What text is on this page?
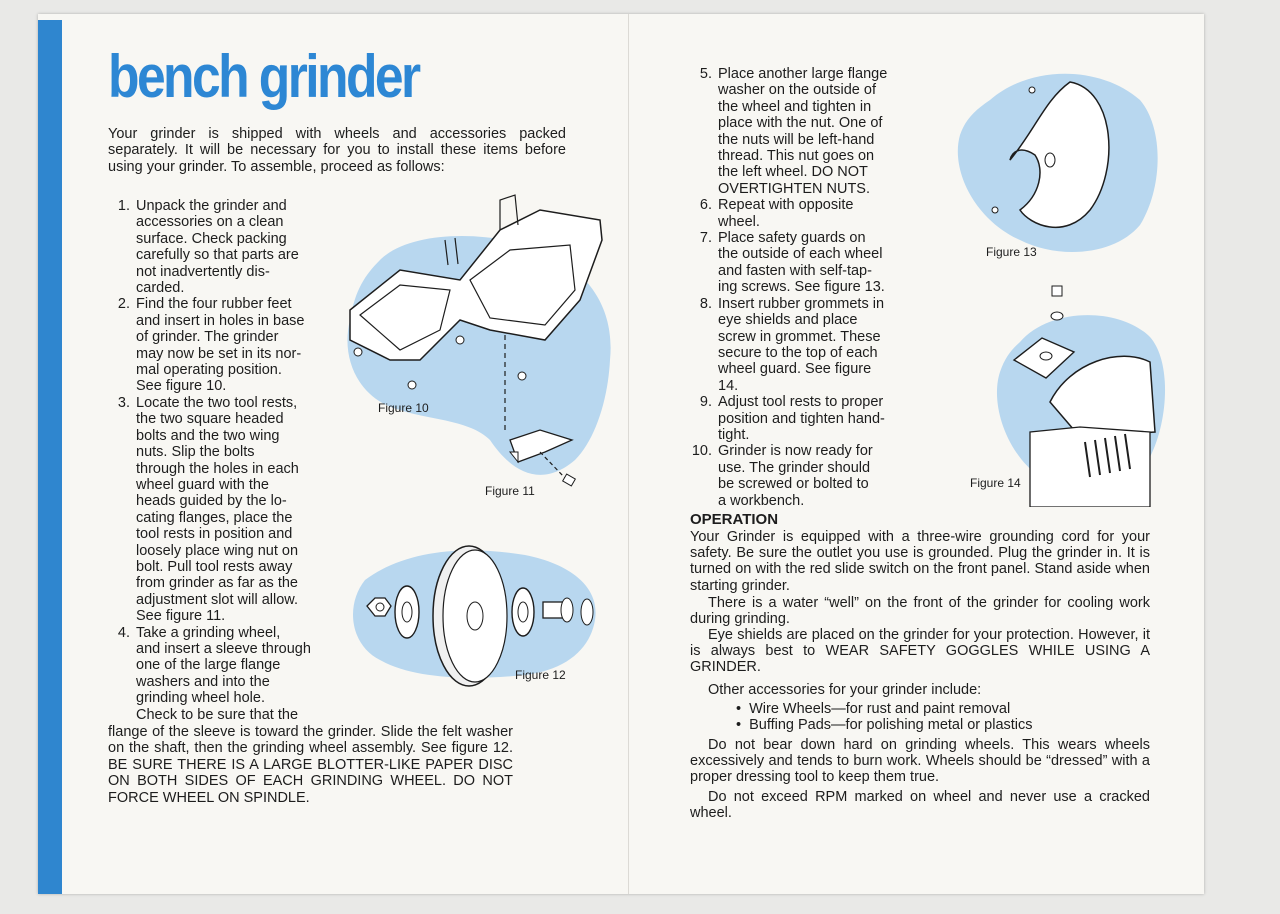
bench grinder

Your grinder is shipped with wheels and accessories packed separately. It will be necessary for you to install these items before using your grinder. To assemble, proceed as follows:

1. Unpack the grinder and
accessories on a clean
surface. Check packing
carefully so that parts are
not inadvertently dis-
carded.
2. Find the four rubber feet
and insert in holes in base
of grinder. The grinder
may now be set in its nor-
mal operating position.
See figure 10.
3. Locate the two tool rests,
the two square headed
bolts and the two wing
nuts. Slip the bolts
through the holes in each
wheel guard with the
heads guided by the lo-
cating flanges, place the
tool rests in position and
loosely place wing nut on
bolt. Pull tool rests away
from grinder as far as the
adjustment slot will allow.
See figure 11.
4. Take a grinding wheel,
and insert a sleeve through
one of the large flange
washers and into the
grinding wheel hole.
Check to be sure that the

flange of the sleeve is toward the grinder. Slide the felt washer on the shaft, then the grinding wheel assembly. See figure 12. BE SURE THERE IS A LARGE BLOTTER-LIKE PAPER DISC ON BOTH SIDES OF EACH GRINDING WHEEL. DO NOT FORCE WHEEL ON SPINDLE.

Figure 10
Figure 11
Figure 12
5. Place another large flange
washer on the outside of
the wheel and tighten in
place with the nut. One of
the nuts will be left-hand
thread. This nut goes on
the left wheel. DO NOT
OVERTIGHTEN NUTS.
6. Repeat with opposite
wheel.
7. Place safety guards on
the outside of each wheel
and fasten with self-tap-
ing screws. See figure 13.
8. Insert rubber grommets in
eye shields and place
screw in grommet. These
secure to the top of each
wheel guard. See figure
14.
9. Adjust tool rests to proper
position and tighten hand-
tight.
10. Grinder is now ready for
use. The grinder should
be screwed or bolted to
a workbench.
Figure 13
Figure 14
OPERATION

Your Grinder is equipped with a three-wire grounding cord for your safety. Be sure the outlet you use is grounded. Plug the grinder in. It is turned on with the red slide switch on the front panel. Stand aside when starting grinder.

There is a water “well” on the front of the grinder for cooling work during grinding.

Eye shields are placed on the grinder for your protection. However, it is always best to WEAR SAFETY GOGGLES WHILE USING A GRINDER.

Other accessories for your grinder include:

• Wire Wheels—for rust and paint removal
• Buffing Pads—for polishing metal or plastics

Do not bear down hard on grinding wheels. This wears wheels excessively and tends to burn work. Wheels should be “dressed” with a proper dressing tool to keep them true.

Do not exceed RPM marked on wheel and never use a cracked wheel.
